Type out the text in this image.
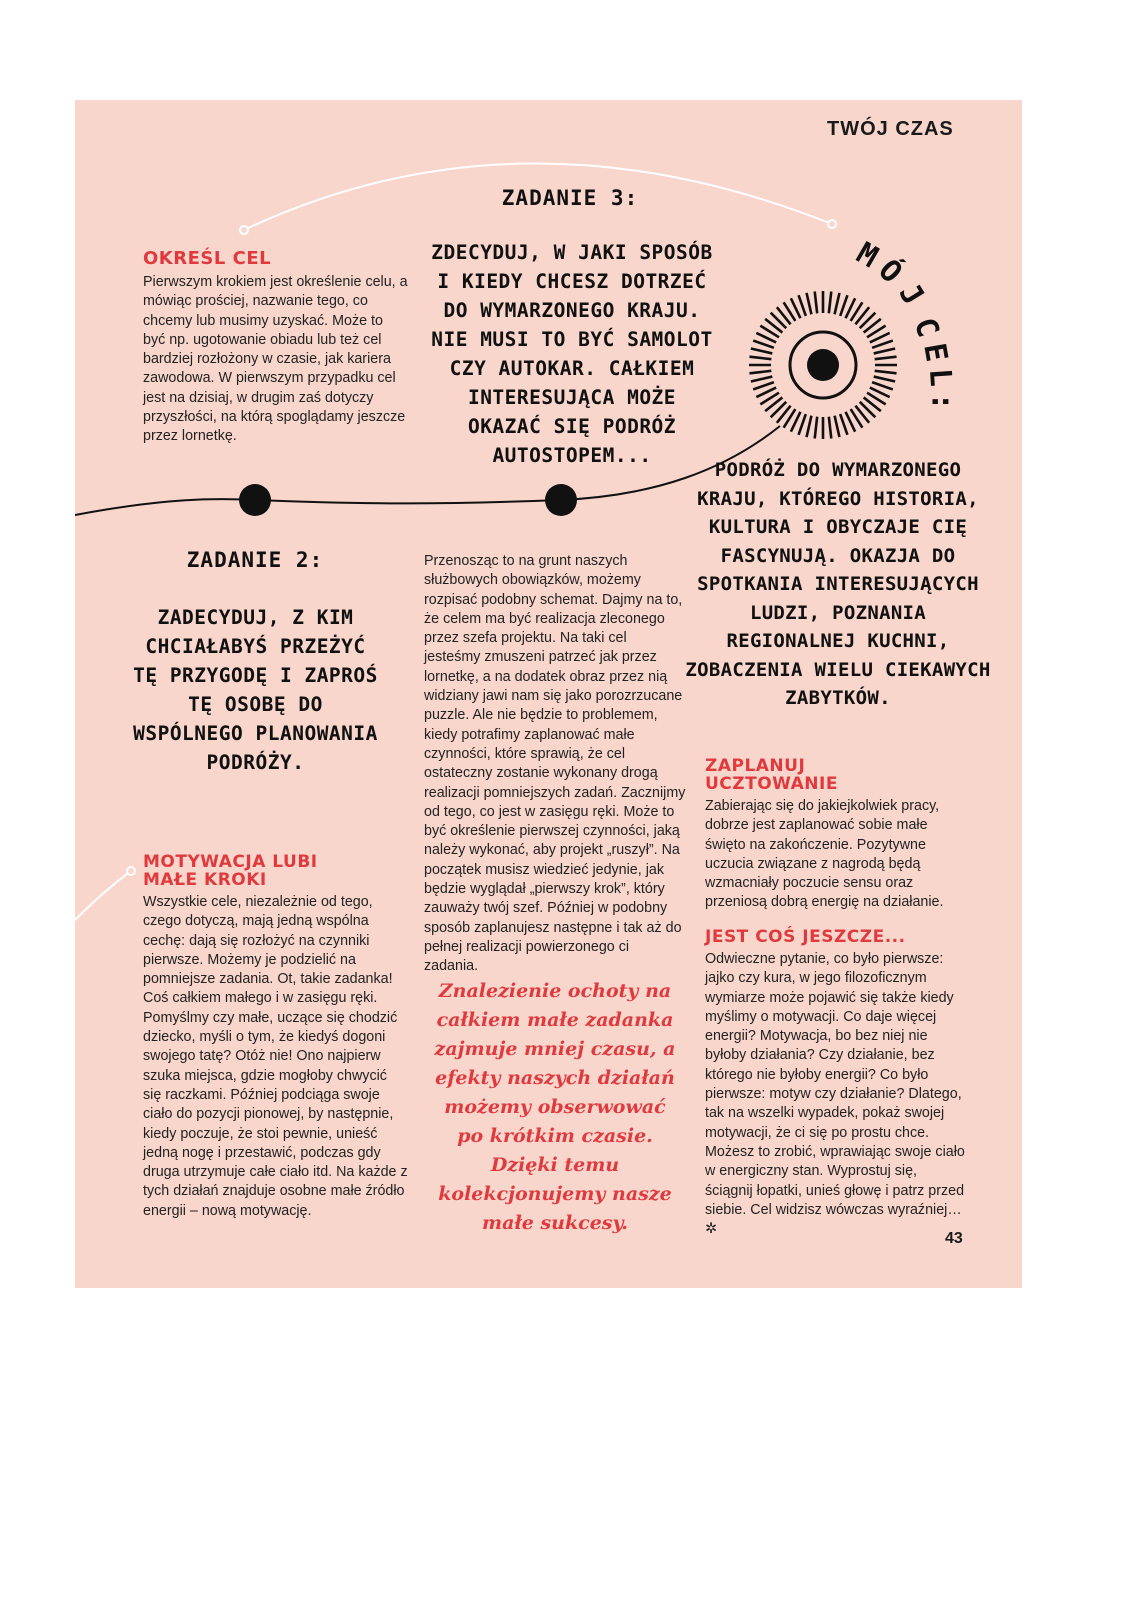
TWÓJ CZAS
ZADANIE 3:

ZDECYDUJ, W JAKI SPOSÓB I KIEDY CHCESZ DOTRZEĆ DO WYMARZONEGO KRAJU. NIE MUSI TO BYĆ SAMOLOT CZY AUTOKAR. CAŁKIEM INTERESUJĄCA MOŻE OKAZAĆ SIĘ PODRÓŻ AUTOSTOPEM...

OKREŚL CEL

Pierwszym krokiem jest określenie celu, a mówiąc prościej, nazwanie tego, co chcemy lub musimy uzyskać. Może to być np. ugotowanie obiadu lub też cel bardziej rozłożony w czasie, jak kariera zawodowa. W pierwszym przypadku cel jest na dzisiaj, w drugim zaś dotyczy przyszłości, na którą spoglądamy jeszcze przez lornetkę.

M
Ó
J
C
E
L
:

PODRÓŻ DO WYMARZONEGO KRAJU, KTÓREGO HISTORIA, KULTURA I OBYCZAJE CIĘ FASCYNUJĄ. OKAZJA DO SPOTKANIA INTERESUJĄCYCH LUDZI, POZNANIA REGIONALNEJ KUCHNI, ZOBACZENIA WIELU CIEKAWYCH ZABYTKÓW.

ZADANIE 2:

ZADECYDUJ, Z KIM CHCIAŁABYŚ PRZEŻYĆ TĘ PRZYGODĘ I ZAPROŚ TĘ OSOBĘ DO WSPÓLNEGO PLANOWANIA PODRÓŻY.

Przenosząc to na grunt naszych służbowych obowiązków, możemy rozpisać podobny schemat. Dajmy na to, że celem ma być realizacja zleconego przez szefa projektu. Na taki cel jesteśmy zmuszeni patrzeć jak przez lornetkę, a na dodatek obraz przez nią widziany jawi nam się jako porozrzucane puzzle. Ale nie będzie to problemem, kiedy potrafimy zaplanować małe czynności, które sprawią, że cel ostateczny zostanie wykonany drogą realizacji pomniejszych zadań. Zacznijmy od tego, co jest w zasięgu ręki. Może to być określenie pierwszej czynności, jaką należy wykonać, aby projekt „ruszył”. Na początek musisz wiedzieć jedynie, jak będzie wyglądał „pierwszy krok”, który zauważy twój szef. Później w podobny sposób zaplanujesz następne i tak aż do pełnej realizacji powierzonego ci zadania.

Znalezienie ochoty na całkiem małe zadanka zajmuje mniej czasu, a efekty naszych działań możemy obserwować po krótkim czasie. Dzięki temu kolekcjonujemy nasze małe sukcesy.

MOTYWACJA LUBI MAŁE KROKI

Wszystkie cele, niezależnie od tego, czego dotyczą, mają jedną wspólna cechę: dają się rozłożyć na czynniki pierwsze. Możemy je podzielić na pomniejsze zadania. Ot, takie zadanka! Coś całkiem małego i w zasięgu ręki. Pomyślmy czy małe, uczące się chodzić dziecko, myśli o tym, że kiedyś dogoni swojego tatę? Otóż nie! Ono najpierw szuka miejsca, gdzie mogłoby chwycić się raczkami. Później podciąga swoje ciało do pozycji pionowej, by następnie, kiedy poczuje, że stoi pewnie, unieść jedną nogę i przestawić, podczas gdy druga utrzymuje całe ciało itd. Na każde z tych działań znajduje osobne małe źródło energii – nową motywację.

ZAPLANUJ UCZTOWANIE

Zabierając się do jakiejkolwiek pracy, dobrze jest zaplanować sobie małe święto na zakończenie. Pozytywne uczucia związane z nagrodą będą wzmacniały poczucie sensu oraz przeniosą dobrą energię na działanie.

JEST COŚ JESZCZE...

Odwieczne pytanie, co było pierwsze: jajko czy kura, w jego filozoficznym wymiarze może pojawić się także kiedy myślimy o motywacji. Co daje więcej energii? Motywacja, bo bez niej nie byłoby działania? Czy działanie, bez którego nie byłoby energii? Co było pierwsze: motyw czy działanie? Dlatego, tak na wszelki wypadek, pokaż swojej motywacji, że ci się po prostu chce. Możesz to zrobić, wprawiając swoje ciało w energiczny stan. Wyprostuj się, ściągnij łopatki, unieś głowę i patrz przed siebie. Cel widzisz wówczas wyraźniej… ✲

43
